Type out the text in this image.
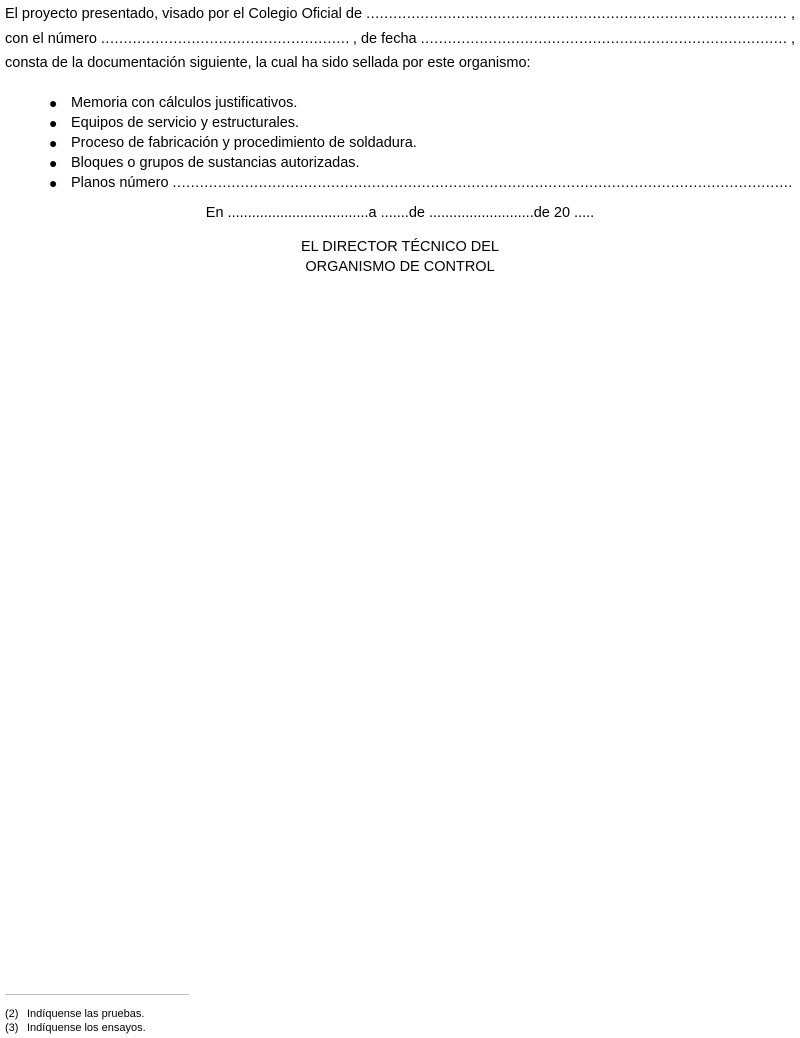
El proyecto presentado, visado por el Colegio Oficial de .....	,
con el número .....	, de fecha .....	,
consta de la documentación siguiente, la cual ha sido sellada por este organismo:
● Memoria con cálculos justificativos.
● Equipos de servicio y estructurales.
● Proceso de fabricación y procedimiento de soldadura.
● Bloques o grupos de sustancias autorizadas.
● Planos número
.....
En ...................................a .......de ..........................de 20 .....
EL DIRECTOR TÉCNICO DEL
ORGANISMO DE CONTROL
(2) Indíquense las pruebas.
(3) Indíquense los ensayos.
